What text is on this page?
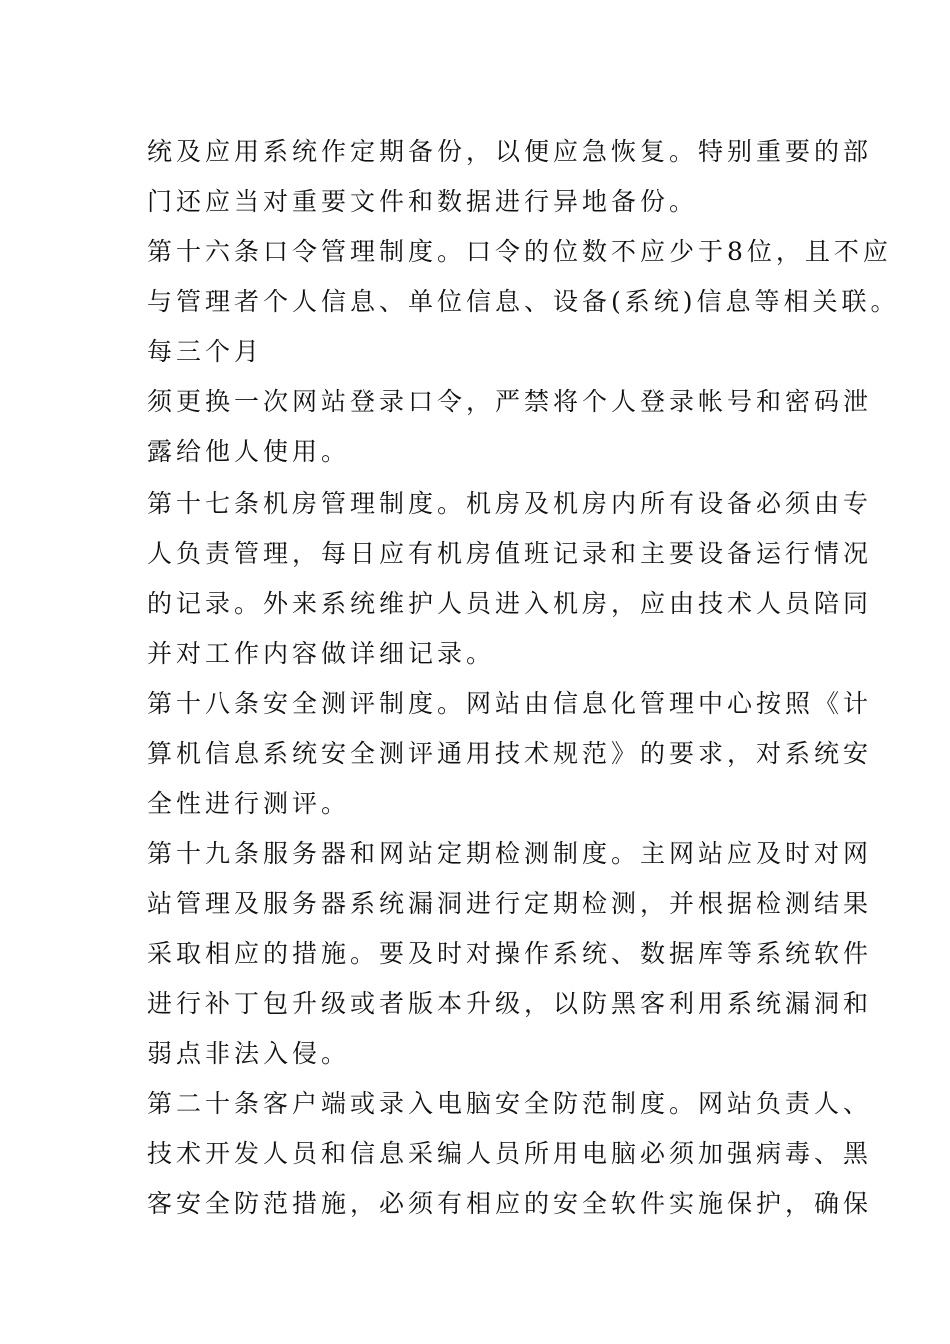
统及应用系统作定期备份，以便应急恢复。特别重要的部

门还应当对重要文件和数据进行异地备份。

第十六条口令管理制度。口令的位数不应少于8位，且不应

与管理者个人信息、单位信息、设备(系统)信息等相关联。

每三个月

须更换一次网站登录口令，严禁将个人登录帐号和密码泄

露给他人使用。

第十七条机房管理制度。机房及机房内所有设备必须由专

人负责管理，每日应有机房值班记录和主要设备运行情况

的记录。外来系统维护人员进入机房，应由技术人员陪同

并对工作内容做详细记录。

第十八条安全测评制度。网站由信息化管理中心按照《计

算机信息系统安全测评通用技术规范》的要求，对系统安

全性进行测评。

第十九条服务器和网站定期检测制度。主网站应及时对网

站管理及服务器系统漏洞进行定期检测，并根据检测结果

采取相应的措施。要及时对操作系统、数据库等系统软件

进行补丁包升级或者版本升级，以防黑客利用系统漏洞和

弱点非法入侵。

第二十条客户端或录入电脑安全防范制度。网站负责人、

技术开发人员和信息采编人员所用电脑必须加强病毒、黑

客安全防范措施，必须有相应的安全软件实施保护，确保
